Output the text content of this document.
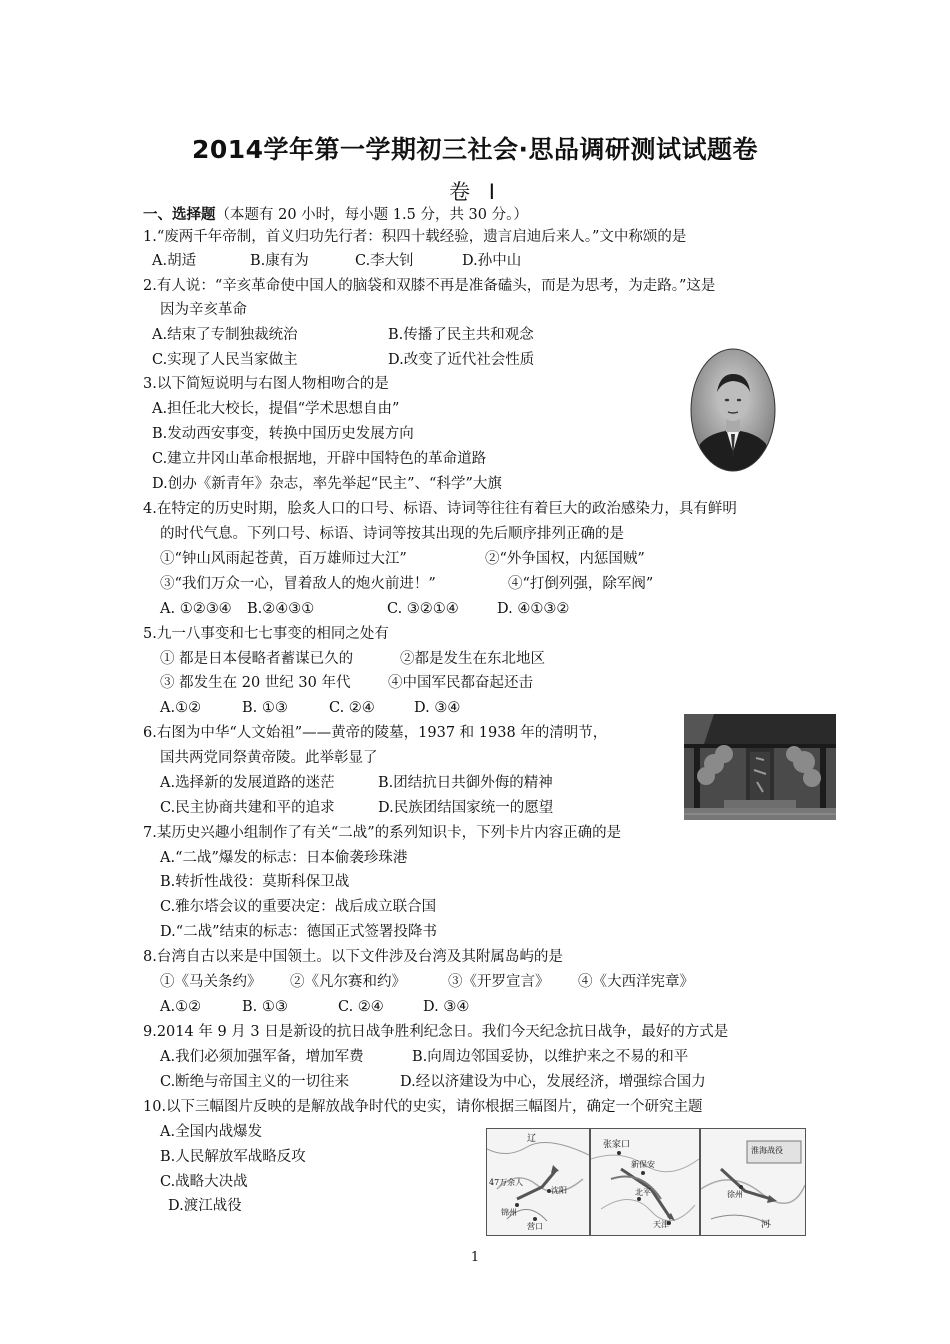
2014学年第一学期初三社会·思品调研测试试题卷
卷 Ⅰ
一、选择题（本题有 20 小时，每小题 1.5 分，共 30 分。）
1.“废两千年帝制，首义归功先行者：积四十载经验，遗言启迪后来人。”文中称颂的是
A.胡适	B.康有为	C.李大钊	D.孙中山
2.有人说：“辛亥革命使中国人的脑袋和双膝不再是准备磕头，而是为思考，为走路。”这是
因为辛亥革命
A.结束了专制独裁统治	B.传播了民主共和观念
C.实现了人民当家做主	D.改变了近代社会性质
3.以下简短说明与右图人物相吻合的是
A.担任北大校长，提倡“学术思想自由”
B.发动西安事变，转换中国历史发展方向
C.建立井冈山革命根据地，开辟中国特色的革命道路
D.创办《新青年》杂志，率先举起“民主”、“科学”大旗
4.在特定的历史时期，脍炙人口的口号、标语、诗词等往往有着巨大的政治感染力，具有鲜明
的时代气息。下列口号、标语、诗词等按其出现的先后顺序排列正确的是
①“钟山风雨起苍黄，百万雄师过大江”	②“外争国权，内惩国贼”
③“我们万众一心，冒着敌人的炮火前进！”	④“打倒列强，除军阀”
A. ①②③④ B.②④③①	C. ③②①④	D. ④①③②
5.九一八事变和七七事变的相同之处有
① 都是日本侵略者蓄谋已久的	②都是发生在东北地区
③ 都发生在 20 世纪 30 年代	④中国军民都奋起还击
A.①②	B. ①③	C. ②④	D. ③④
6.右图为中华“人文始祖”——黄帝的陵墓，1937 和 1938 年的清明节，
国共两党同祭黄帝陵。此举彰显了
A.选择新的发展道路的迷茫	B.团结抗日共御外侮的精神
C.民主协商共建和平的追求	D.民族团结国家统一的愿望
7.某历史兴趣小组制作了有关“二战”的系列知识卡，下列卡片内容正确的是
A.“二战”爆发的标志：日本偷袭珍珠港
B.转折性战役：莫斯科保卫战
C.雅尔塔会议的重要决定：战后成立联合国
D.“二战”结束的标志：德国正式签署投降书
8.台湾自古以来是中国领土。以下文件涉及台湾及其附属岛屿的是
①《马关条约》 ②《凡尔赛和约》	③《开罗宣言》 ④《大西洋宪章》
A.①②	B. ①③	C. ②④	D. ③④
9.2014 年 9 月 3 日是新设的抗日战争胜利纪念日。我们今天纪念抗日战争，最好的方式是
A.我们必须加强军备，增加军费	B.向周边邻国妥协，以维护来之不易的和平
C.断绝与帝国主义的一切往来	D.经以济建设为中心，发展经济，增强综合国力
10.以下三幅图片反映的是解放战争时代的史实，请你根据三幅图片，确定一个研究主题
A.全国内战爆发
B.人民解放军战略反攻
C.战略大决战
D.渡江战役
辽
沈阳
47万余人
锦州
营口
张家口
新保安
北平
天津
淮海战役
徐州
河
1
